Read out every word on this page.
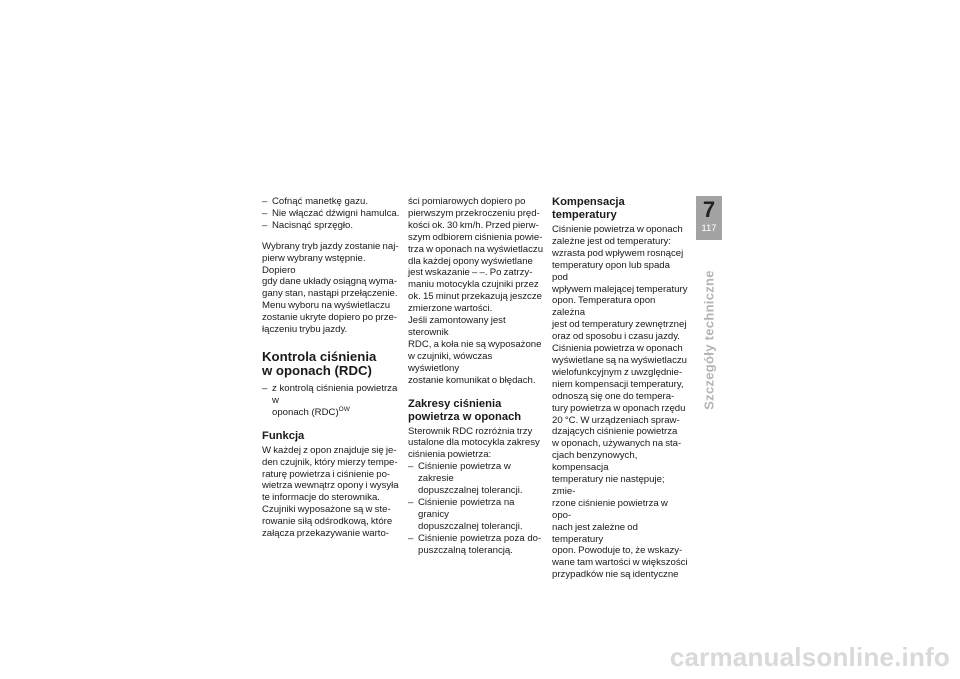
– Cofnąć manetkę gazu.

– Nie włączać dźwigni hamulca.

– Nacisnąć sprzęgło.

Wybrany tryb jazdy zostanie naj-
pierw wybrany wstępnie. Dopiero
gdy dane układy osiągną wyma-
gany stan, nastąpi przełączenie.
Menu wyboru na wyświetlaczu
zostanie ukryte dopiero po prze-
łączeniu trybu jazdy.

Kontrola ciśnienia
w oponach (RDC)

– z kontrolą ciśnienia powietrza w
oponach (RDC)$^{OW}$

Funkcja

W każdej z opon znajduje się je-
den czujnik, który mierzy tempe-
raturę powietrza i ciśnienie po-
wietrza wewnątrz opony i wysyła
te informacje do sterownika.
Czujniki wyposażone są w ste-
rowanie siłą odśrodkową, które
załącza przekazywanie warto-

ści pomiarowych dopiero po
pierwszym przekroczeniu pręd-
kości ok. 30 km/h. Przed pierw-
szym odbiorem ciśnienia powie-
trza w oponach na wyświetlaczu
dla każdej opony wyświetlane
jest wskazanie – –. Po zatrzy-
maniu motocykla czujniki przez
ok. 15 minut przekazują jeszcze
zmierzone wartości.

Jeśli zamontowany jest sterownik
RDC, a koła nie są wyposażone
w czujniki, wówczas wyświetlony
zostanie komunikat o błędach.

Zakresy ciśnienia
powietrza w oponach

Sterownik RDC rozróżnia trzy
ustalone dla motocykla zakresy
ciśnienia powietrza:

– Ciśnienie powietrza w zakresie
dopuszczalnej tolerancji.

– Ciśnienie powietrza na granicy
dopuszczalnej tolerancji.

– Ciśnienie powietrza poza do-
puszczalną tolerancją.

Kompensacja temperatury

Ciśnienie powietrza w oponach
zależne jest od temperatury:
wzrasta pod wpływem rosnącej
temperatury opon lub spada pod
wpływem malejącej temperatury
opon. Temperatura opon zależna
jest od temperatury zewnętrznej
oraz od sposobu i czasu jazdy.
Ciśnienia powietrza w oponach
wyświetlane są na wyświetlaczu
wielofunkcyjnym z uwzględnie-
niem kompensacji temperatury,
odnoszą się one do tempera-
tury powietrza w oponach rzędu
20 °C. W urządzeniach spraw-
dzających ciśnienie powietrza
w oponach, używanych na sta-
cjach benzynowych, kompensacja
temperatury nie następuje; zmie-
rzone ciśnienie powietrza w opo-
nach jest zależne od temperatury
opon. Powoduje to, że wskazy-
wane tam wartości w większości
przypadków nie są identyczne

7
117
Szczegóły techniczne
carmanualsonline.info
